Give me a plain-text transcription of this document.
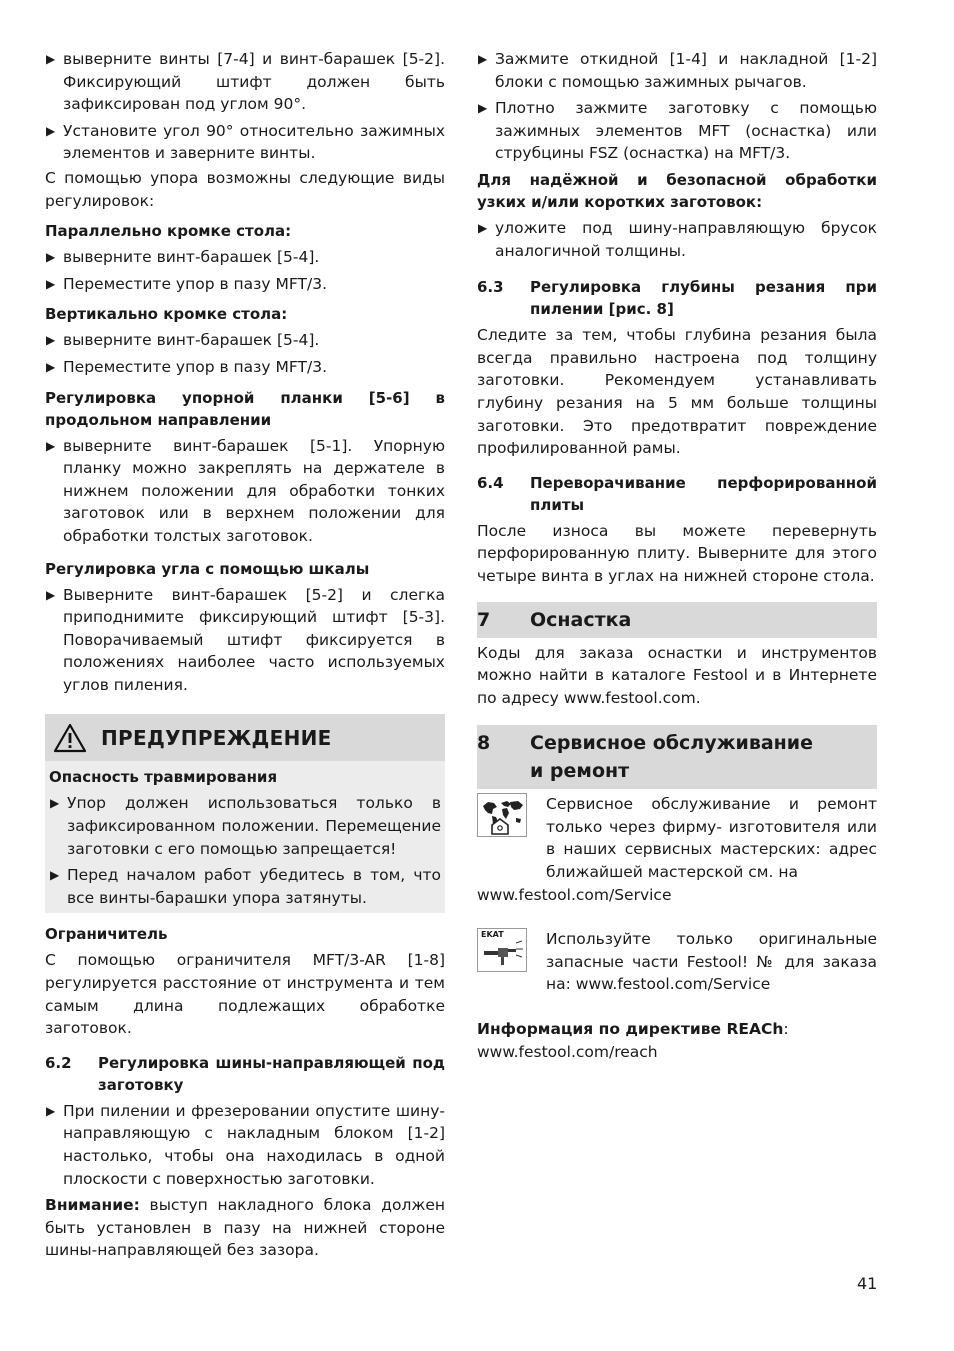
▶ вывернитe винты [7-4] и винт-барашек [5-2]. Фиксирующий штифт должен быть зафиксирован под углом 90°.

▶ Установите угол 90° относительно зажимных элементов и заверните винты.

С помощью упора возможны следующие виды регулировок:

Параллельно кромке стола:

▶ выверните винт-барашек [5-4].

▶ Переместите упор в пазу MFT/3.

Вертикально кромке стола:

▶ выверните винт-барашек [5-4].

▶ Переместите упор в пазу MFT/3.

Регулировка упорной планки [5-6] в продольном направлении

▶ выверните винт-барашек [5-1]. Упорную планку можно закреплять на держателе в нижнем положении для обработки тонких заготовок или в верхнем положении для обработки толстых заготовок.

Регулировка угла с помощью шкалы

▶ Выверните винт-барашек [5-2] и слегка приподнимите фиксирующий штифт [5-3]. Поворачиваемый штифт фиксируется в положениях наиболее часто используемых углов пиления.

ПРЕДУПРЕЖДЕНИЕ

Опасность травмирования

▶ Упор должен использоваться только в зафиксированном положении. Перемещение заготовки с его помощью запрещается!

▶ Перед началом работ убедитесь в том, что все винты-барашки упора затянуты.

Ограничитель

С помощью ограничителя MFT/3-AR [1-8] регулируется расстояние от инструмента и тем самым длина подлежащих обработке заготовок.

6.2	Регулировка шины-направляющей под заготовку

▶ При пилении и фрезеровании опустите шину-направляющую с накладным блоком [1-2] настолько, чтобы она находилась в одной плоскости с поверхностью заготовки.

Внимание: выступ накладного блока должен быть установлен в пазу на нижней стороне шины-направляющей без зазора.

▶ Зажмите откидной [1-4] и накладной [1-2] блоки с помощью зажимных рычагов.

▶ Плотно зажмите заготовку с помощью зажимных элементов MFT (оснастка) или струбцины FSZ (оснастка) на MFT/3.

Для надёжной и безопасной обработки узких и/или коротких заготовок:

▶ уложите под шину-направляющую брусок аналогичной толщины.

6.3	Регулировка глубины резания при пилении [рис. 8]

Следите за тем, чтобы глубина резания была всегда правильно настроена под толщину заготовки. Рекомендуем устанавливать глубину резания на 5 мм больше толщины заготовки. Это предотвратит повреждение профилированной рамы.

6.4	Переворачивание перфорированной плиты

После износа вы можете перевернуть перфорированную плиту. Выверните для этого четыре винта в углах на нижней стороне стола.

7	Оснастка

Коды для заказа оснастки и инструментов можно найти в каталоге Festool и в Интернете по адресу www.festool.com.

8	Сервисное обслуживание и ремонт

Сервисное обслуживание и ремонт только через фирму- изготовителя или в наших сервисных мастерских: адрес ближайшей мастерской см. на

www.festool.com/Service

EKAT	Используйте только оригинальные запасные части Festool! № для заказа на: www.festool.com/Service

Информация по директиве REACh:

www.festool.com/reach

41
